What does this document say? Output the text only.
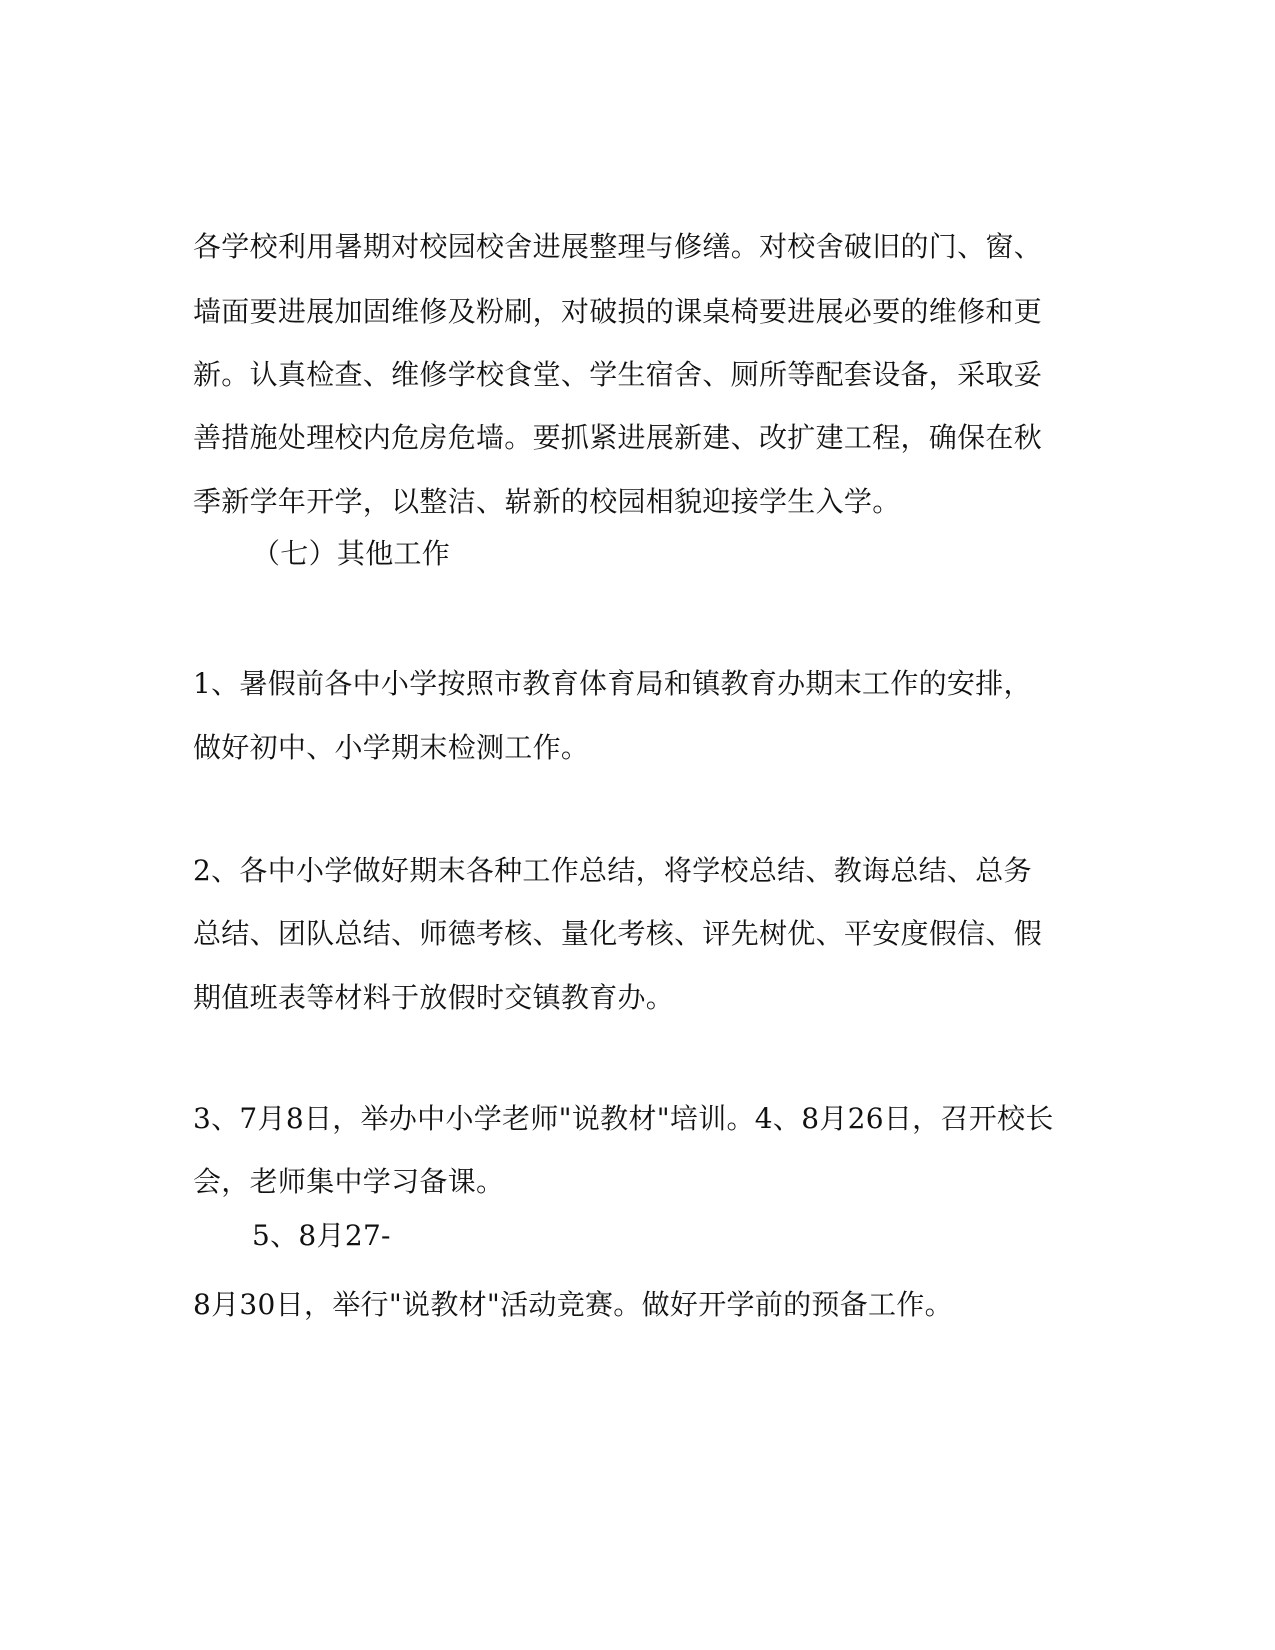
各学校利用暑期对校园校舍进展整理与修缮。对校舍破旧的门、窗、
墙面要进展加固维修及粉刷，对破损的课桌椅要进展必要的维修和更
新。认真检查、维修学校食堂、学生宿舍、厕所等配套设备，采取妥
善措施处理校内危房危墙。要抓紧进展新建、改扩建工程，确保在秋
季新学年开学，以整洁、崭新的校园相貌迎接学生入学。
（七）其他工作
1、暑假前各中小学按照市教育体育局和镇教育办期末工作的安排，
做好初中、小学期末检测工作。
2、各中小学做好期末各种工作总结，将学校总结、教诲总结、总务
总结、团队总结、师德考核、量化考核、评先树优、平安度假信、假
期值班表等材料于放假时交镇教育办。
3、7月8日，举办中小学老师"说教材"培训。4、8月26日，召开校长
会，老师集中学习备课。
5、8月27-
8月30日，举行"说教材"活动竞赛。做好开学前的预备工作。
